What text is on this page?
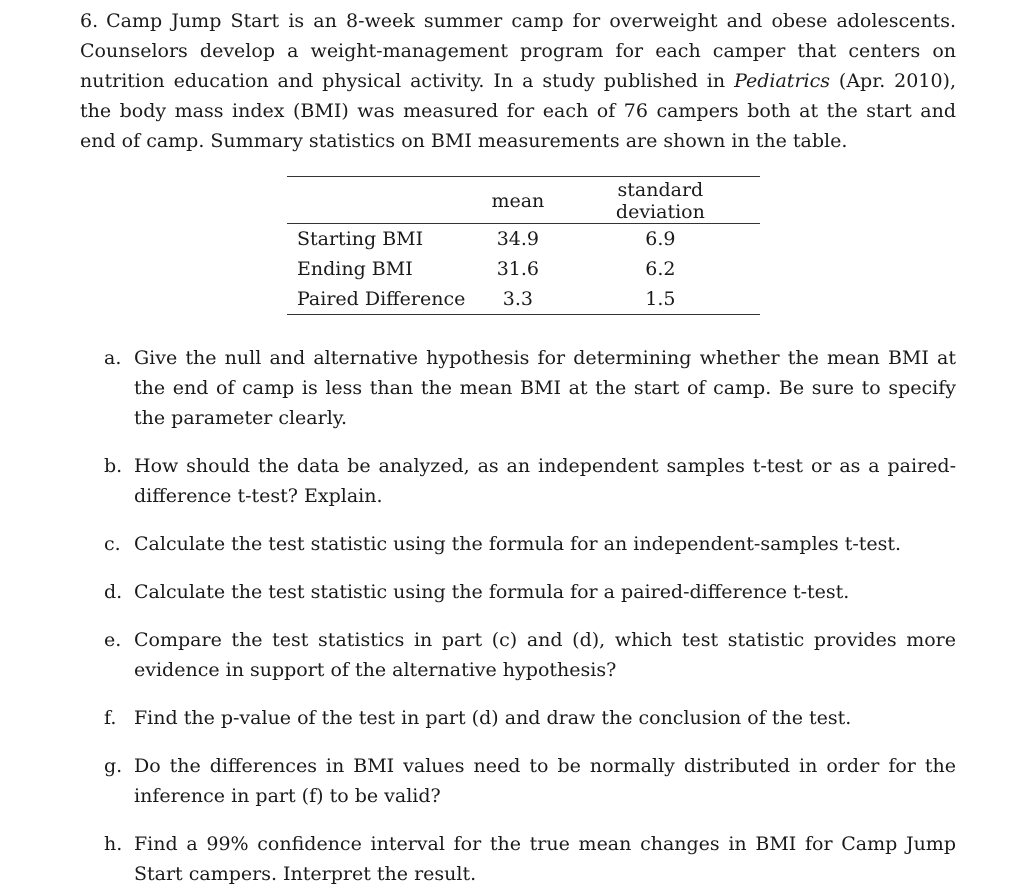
6. Camp Jump Start is an 8-week summer camp for overweight and obese adolescents. Counselors develop a weight-management program for each camper that centers on nutrition education and physical activity. In a study published in Pediatrics (Apr. 2010), the body mass index (BMI) was measured for each of 76 campers both at the start and end of camp. Summary statistics on BMI measurements are shown in the table.

	mean	standard deviation
Starting BMI	34.9	6.9
Ending BMI	31.6	6.2
Paired Difference	3.3	1.5
a. Give the null and alternative hypothesis for determining whether the mean BMI at the end of camp is less than the mean BMI at the start of camp. Be sure to specify the parameter clearly.
b. How should the data be analyzed, as an independent samples t-test or as a paired-difference t-test? Explain.
c. Calculate the test statistic using the formula for an independent-samples t-test.
d. Calculate the test statistic using the formula for a paired-difference t-test.
e. Compare the test statistics in part (c) and (d), which test statistic provides more evidence in support of the alternative hypothesis?
f. Find the p-value of the test in part (d) and draw the conclusion of the test.
g. Do the differences in BMI values need to be normally distributed in order for the inference in part (f) to be valid?
h. Find a 99% confidence interval for the true mean changes in BMI for Camp Jump Start campers. Interpret the result.
